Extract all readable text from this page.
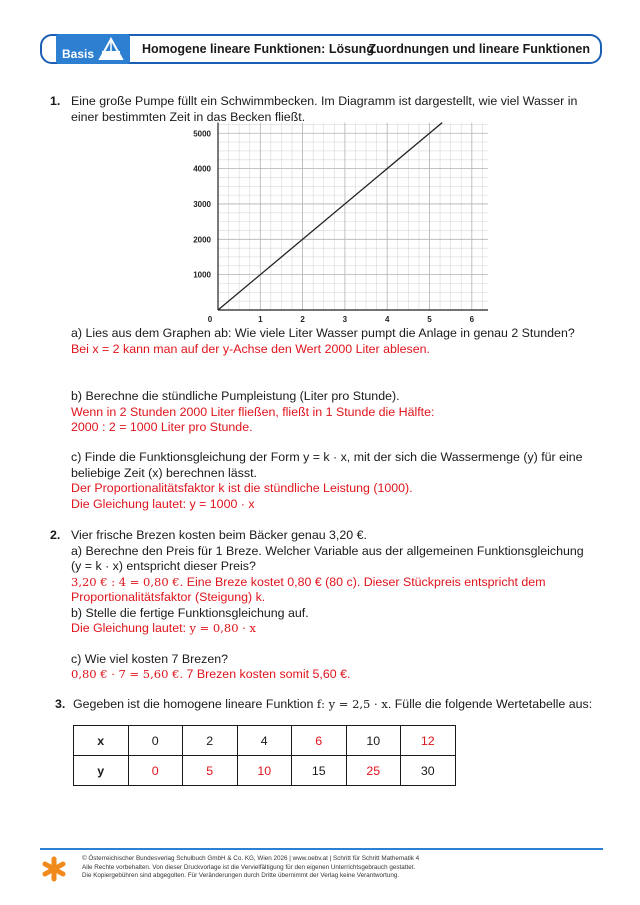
Basis	Homogene lineare Funktionen: Lösung
Zuordnungen und lineare Funktionen
1. Eine große Pumpe füllt ein Schwimmbecken. Im Diagramm ist dargestellt, wie viel Wasser in
einer bestimmten Zeit in das Becken fließt.
0	1	2	3	4	5	6
1000
2000
3000
4000
5000
a) Lies aus dem Graphen ab: Wie viele Liter Wasser pumpt die Anlage in genau 2 Stunden?
Bei x = 2 kann man auf der y-Achse den Wert 2000 Liter ablesen.
b) Berechne die stündliche Pumpleistung (Liter pro Stunde).
Wenn in 2 Stunden 2000 Liter fließen, fließt in 1 Stunde die Hälfte:
2000 : 2 = 1000 Liter pro Stunde.
c) Finde die Funktionsgleichung der Form y = k · x, mit der sich die Wassermenge (y) für eine
beliebige Zeit (x) berechnen lässt.
Der Proportionalitätsfaktor k ist die stündliche Leistung (1000).
Die Gleichung lautet: y = 1000 · x
2. Vier frische Brezen kosten beim Bäcker genau 3,20 €.
a) Berechne den Preis für 1 Breze. Welcher Variable aus der allgemeinen Funktionsgleichung
(y = k · x) entspricht dieser Preis?
3,20 € : 4 = 0,80 €. Eine Breze kostet 0,80 € (80 c). Dieser Stückpreis entspricht dem
Proportionalitätsfaktor (Steigung) k.
b) Stelle die fertige Funktionsgleichung auf.
Die Gleichung lautet: y = 0,80 · x
c) Wie viel kosten 7 Brezen?
0,80 € · 7 = 5,60 €. 7 Brezen kosten somit 5,60 €.
3. Gegeben ist die homogene lineare Funktion f: y = 2,5 · x. Fülle die folgende Wertetabelle aus:
x	0	2	4	6	10	12
y	0	5	10	15	25	30
© Österreichischer Bundesverlag Schulbuch GmbH & Co. KG, Wien 2026 | www.oebv.at | Schritt für Schritt Mathematik 4
Alle Rechte vorbehalten. Von dieser Druckvorlage ist die Vervielfältigung für den eigenen Unterrichtsgebrauch gestattet.
Die Kopiergebühren sind abgegolten. Für Veränderungen durch Dritte übernimmt der Verlag keine Verantwortung.
